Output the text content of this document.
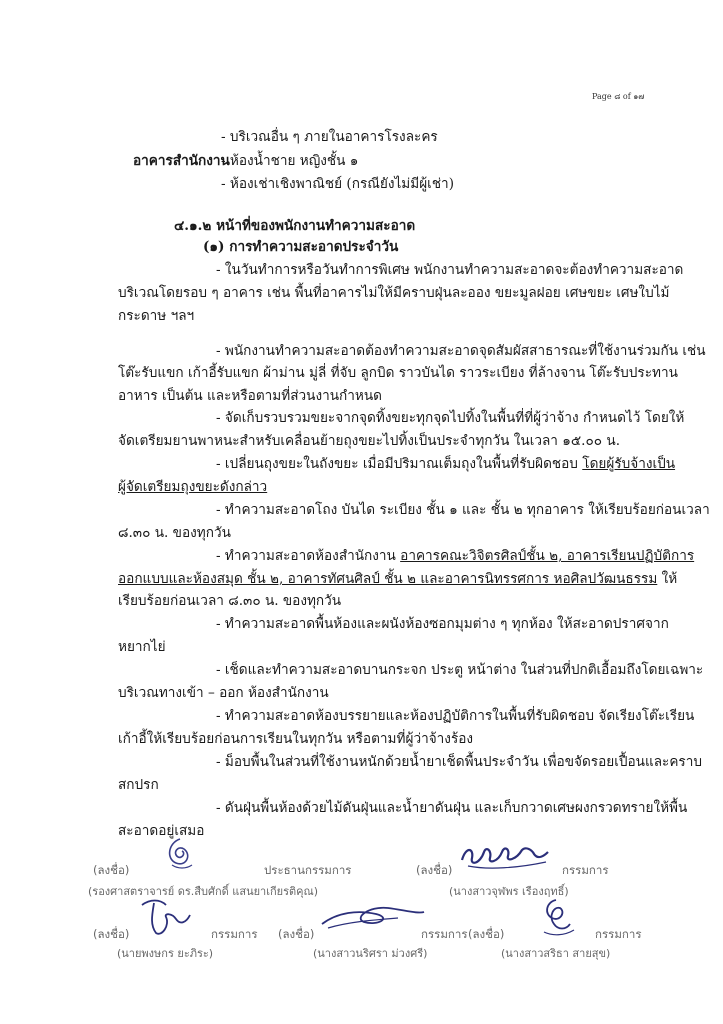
Page ๘ of ๑๗
- บริเวณอื่น ๆ ภายในอาคารโรงละคร
อาคารสำนักงาน
- ห้องน้ำชาย หญิงชั้น ๑
- ห้องเช่าเชิงพาณิชย์ (กรณียังไม่มีผู้เช่า)
๔.๑.๒ หน้าที่ของพนักงานทำความสะอาด
(๑) การทำความสะอาดประจำวัน
- ในวันทำการหรือวันทำการพิเศษ พนักงานทำความสะอาดจะต้องทำความสะอาด
บริเวณโดยรอบ ๆ อาคาร เช่น พื้นที่อาคารไม่ให้มีคราบฝุ่นละออง ขยะมูลฝอย เศษขยะ เศษใบไม้
กระดาษ ฯลฯ
- พนักงานทำความสะอาดต้องทำความสะอาดจุดสัมผัสสาธารณะที่ใช้งานร่วมกัน เช่น
โต๊ะรับแขก เก้าอี้รับแขก ผ้าม่าน มู่ลี่ ที่จับ ลูกบิด ราวบันได ราวระเบียง ที่ล้างจาน โต๊ะรับประทาน
อาหาร เป็นต้น และหรือตามที่ส่วนงานกำหนด
- จัดเก็บรวบรวมขยะจากจุดทิ้งขยะทุกจุดไปทิ้งในพื้นที่ที่ผู้ว่าจ้าง กำหนดไว้ โดยให้
จัดเตรียมยานพาหนะสำหรับเคลื่อนย้ายถุงขยะไปทิ้งเป็นประจำทุกวัน ในเวลา ๑๕.๐๐ น.
- เปลี่ยนถุงขยะในถังขยะ เมื่อมีปริมาณเต็มถุงในพื้นที่รับผิดชอบ โดยผู้รับจ้างเป็น
ผู้จัดเตรียมถุงขยะดังกล่าว
- ทำความสะอาดโถง บันได ระเบียง ชั้น ๑ และ ชั้น ๒ ทุกอาคาร ให้เรียบร้อยก่อนเวลา
๘.๓๐ น. ของทุกวัน
- ทำความสะอาดห้องสำนักงาน อาคารคณะวิจิตรศิลป์ชั้น ๒, อาคารเรียนปฏิบัติการ
ออกแบบและห้องสมุด ชั้น ๒, อาคารทัศนศิลป์ ชั้น ๒ และอาคารนิทรรศการ หอศิลปวัฒนธรรม ให้
เรียบร้อยก่อนเวลา ๘.๓๐ น. ของทุกวัน
- ทำความสะอาดพื้นห้องและผนังห้องซอกมุมต่าง ๆ ทุกห้อง ให้สะอาดปราศจาก
หยากไย่
- เช็ดและทำความสะอาดบานกระจก ประตู หน้าต่าง ในส่วนที่ปกติเอื้อมถึงโดยเฉพาะ
บริเวณทางเข้า – ออก ห้องสำนักงาน
- ทำความสะอาดห้องบรรยายและห้องปฏิบัติการในพื้นที่รับผิดชอบ จัดเรียงโต๊ะเรียน
เก้าอี้ให้เรียบร้อยก่อนการเรียนในทุกวัน หรือตามที่ผู้ว่าจ้างร้อง
- ม็อบพื้นในส่วนที่ใช้งานหนักด้วยน้ำยาเช็ดพื้นประจำวัน เพื่อขจัดรอยเปื้อนและคราบ
สกปรก
- ดันฝุ่นพื้นห้องด้วยไม้ดันฝุ่นและน้ำยาดันฝุ่น และเก็บกวาดเศษผงกรวดทรายให้พื้น
สะอาดอยู่เสมอ
(ลงชื่อ)	ประธานกรรมการ	(ลงชื่อ)	กรรมการ
(รองศาสตราจารย์ ดร.สืบศักดิ์ แสนยาเกียรติคุณ)	(นางสาวจุฬพร เรืองฤทธิ์)
(ลงชื่อ)	กรรมการ (ลงชื่อ)	กรรมการ (ลงชื่อ)	กรรมการ
(นายพงษกร ยะภิระ)	(นางสาวนริศรา ม่วงศรี)	(นางสาวสริธา สายสุข)
